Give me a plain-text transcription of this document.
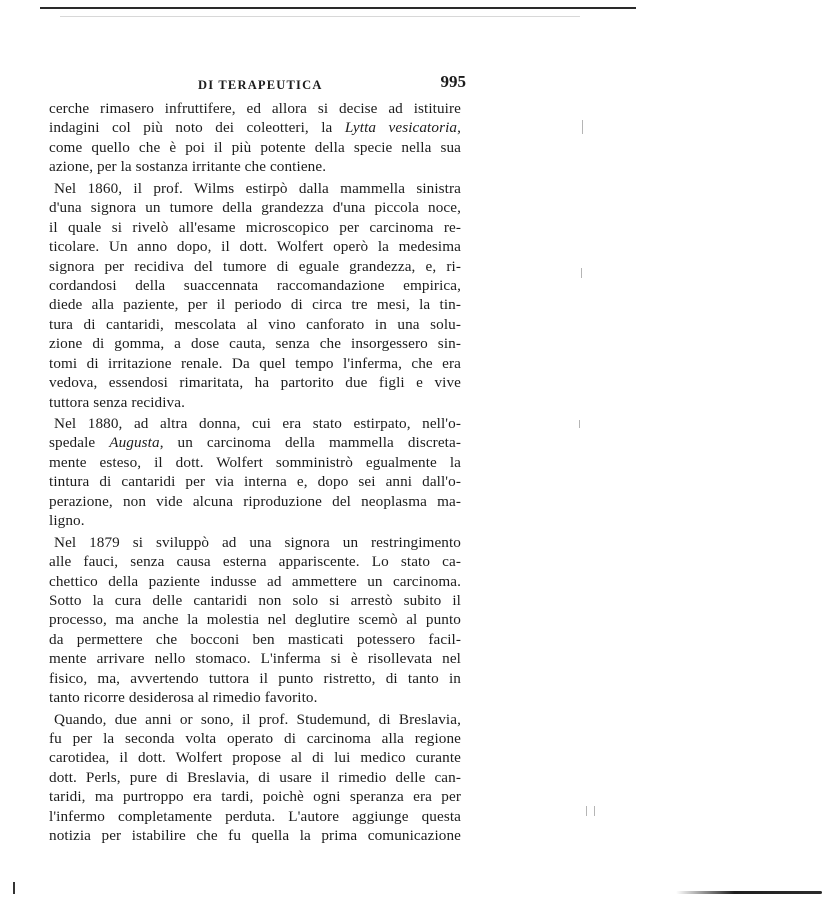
DI TERAPEUTICA	995
cerche rimasero infruttifere, ed allora si decise ad istituire
indagini col più noto dei coleotteri, la Lytta vesicatoria,
come quello che è poi il più potente della specie nella sua
azione, per la sostanza irritante che contiene.
Nel 1860, il prof. Wilms estirpò dalla mammella sinistra
d'una signora un tumore della grandezza d'una piccola noce,
il quale si rivelò all'esame microscopico per carcinoma re-
ticolare. Un anno dopo, il dott. Wolfert operò la medesima
signora per recidiva del tumore di eguale grandezza, e, ri-
cordandosi della suaccennata raccomandazione empirica,
diede alla paziente, per il periodo di circa tre mesi, la tin-
tura di cantaridi, mescolata al vino canforato in una solu-
zione di gomma, a dose cauta, senza che insorgessero sin-
tomi di irritazione renale. Da quel tempo l'inferma, che era
vedova, essendosi rimaritata, ha partorito due figli e vive
tuttora senza recidiva.
Nel 1880, ad altra donna, cui era stato estirpato, nell'o-
spedale Augusta, un carcinoma della mammella discreta-
mente esteso, il dott. Wolfert somministrò egualmente la
tintura di cantaridi per via interna e, dopo sei anni dall'o-
perazione, non vide alcuna riproduzione del neoplasma ma-
ligno.
Nel 1879 si sviluppò ad una signora un restringimento
alle fauci, senza causa esterna appariscente. Lo stato ca-
chettico della paziente indusse ad ammettere un carcinoma.
Sotto la cura delle cantaridi non solo si arrestò subito il
processo, ma anche la molestia nel deglutire scemò al punto
da permettere che bocconi ben masticati potessero facil-
mente arrivare nello stomaco. L'inferma si è risollevata nel
fisico, ma, avvertendo tuttora il punto ristretto, di tanto in
tanto ricorre desiderosa al rimedio favorito.
Quando, due anni or sono, il prof. Studemund, di Breslavia,
fu per la seconda volta operato di carcinoma alla regione
carotidea, il dott. Wolfert propose al di lui medico curante
dott. Perls, pure di Breslavia, di usare il rimedio delle can-
taridi, ma purtroppo era tardi, poichè ogni speranza era per
l'infermo completamente perduta. L'autore aggiunge questa
notizia per istabilire che fu quella la prima comunicazione
